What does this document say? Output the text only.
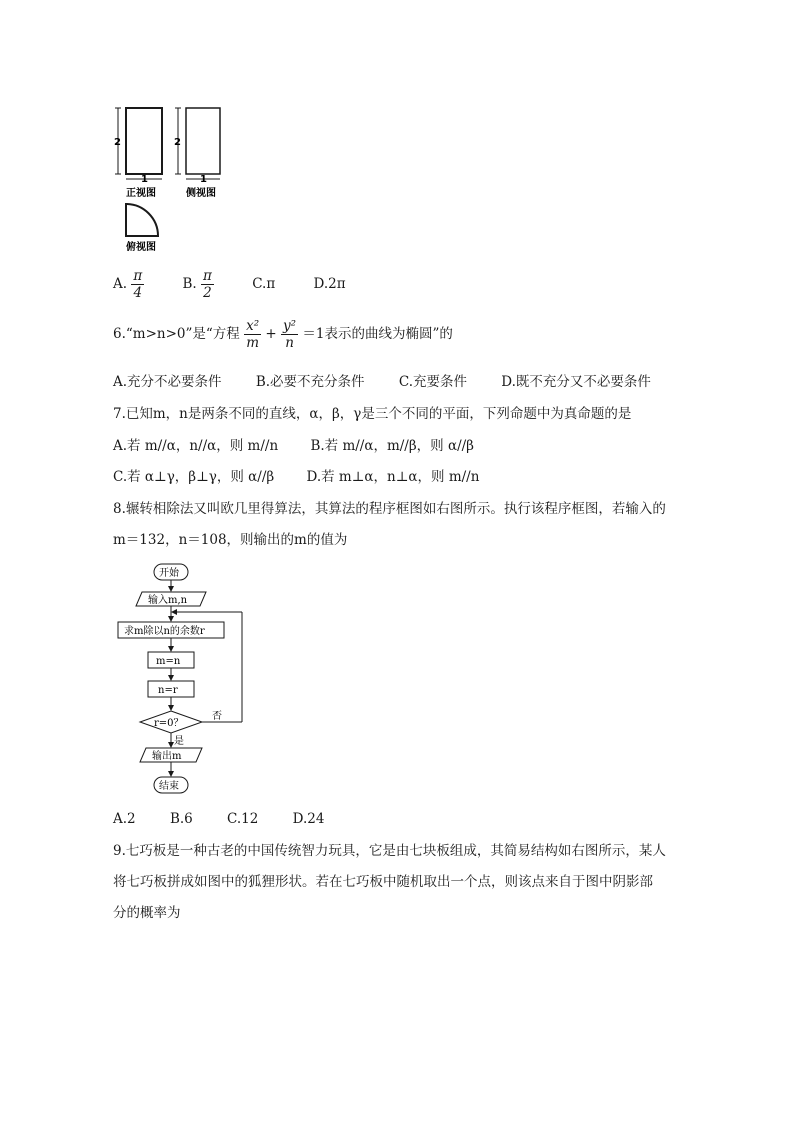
2
1
正视图
2
1
侧视图
俯视图
A. $\frac{\pi}{4}$	B. $\frac{\pi}{2}$	C.π	D.2π
6.“m>n>0”是“方程 $\frac{\text{x²}}{m} + \frac{\text{y²}}{n} =1$表示的曲线为椭圆”的
A.充分不必要条件	B.必要不充分条件	C.充要条件	D.既不充分又不必要条件
7.已知m，n是两条不同的直线，α，β，γ是三个不同的平面，下列命题中为真命题的是
A.若 m//α，n//α，则 m//n B.若 m//α，m//β，则 α//β
C.若 α⊥γ，β⊥γ，则 α//β D.若 m⊥α，n⊥α，则 m//n
8.辗转相除法又叫欧几里得算法，其算法的程序框图如右图所示。执行该程序框图，若输入的
m＝132，n＝108，则输出的m的值为
开始
输入m,n
求m除以n的余数r
m=n
n=r
r=0？
否
是
输出m
结束
A.2	B.6	C.12	D.24
9.七巧板是一种古老的中国传统智力玩具，它是由七块板组成，其简易结构如右图所示，某人
将七巧板拼成如图中的狐狸形状。若在七巧板中随机取出一个点，则该点来自于图中阴影部
分的概率为
